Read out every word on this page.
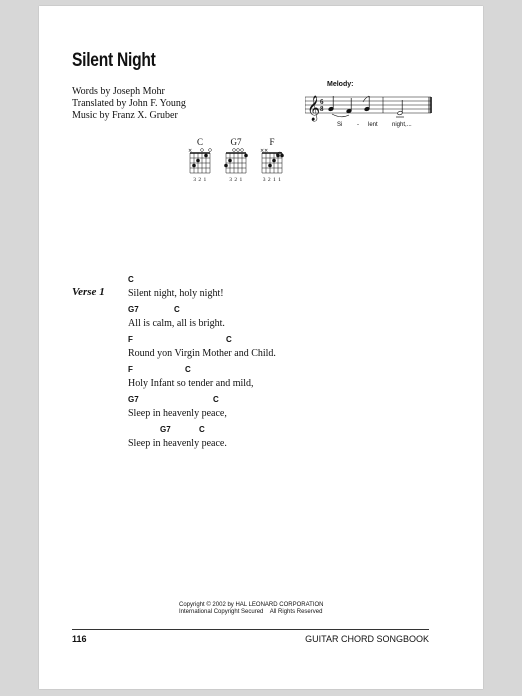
Silent Night
Words by Joseph Mohr
Translated by John F. Young
Music by Franz X. Gruber
Melody:
𝄞 6
8
Si - lent night,...
C
×
3 2 1
G7
3 2 1
F
× ×
3 2 1 1
Verse 1
C
Silent night, holy night!
G7	C
All is calm, all is bright.
F	C
Round yon Virgin Mother and Child.
F	C
Holy Infant so tender and mild,
G7	C
Sleep in heavenly peace,
G7	C
Sleep in heavenly peace.
Copyright © 2002 by HAL LEONARD CORPORATION
International Copyright Secured    All Rights Reserved
116	GUITAR CHORD SONGBOOK
